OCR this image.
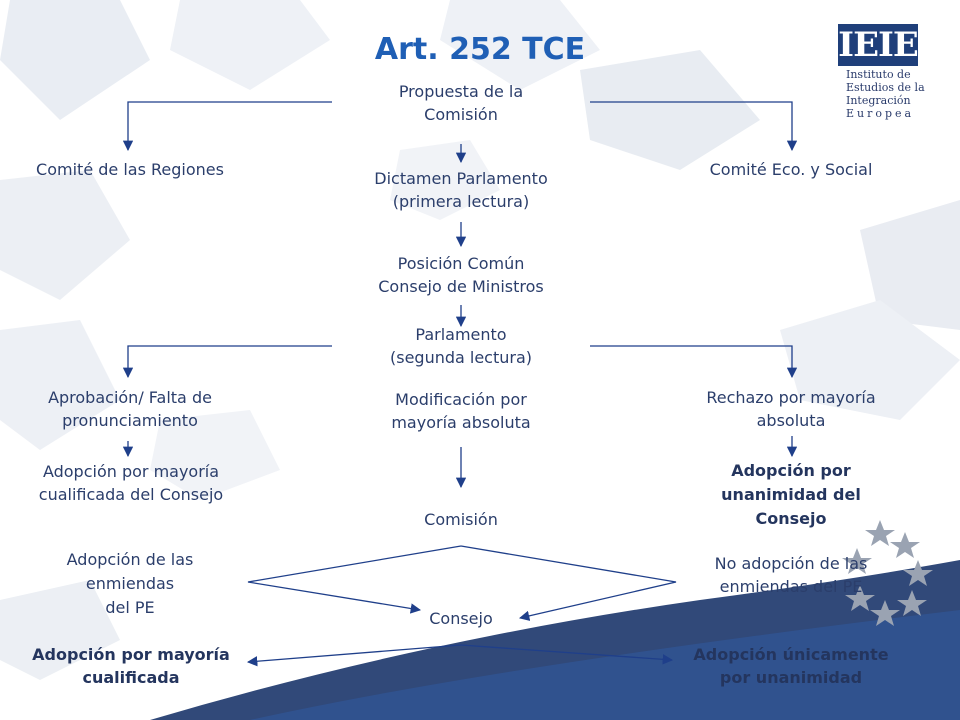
Art. 252 TCE	IEIE
Instituto de
Estudios de la
Integración
Europea
Propuesta de la
Comisión
Comité de las Regiones	Comité Eco. y Social
Dictamen Parlamento
(primera lectura)
Posición Común
Consejo de Ministros
Parlamento
(segunda lectura)
Aprobación/ Falta de
pronunciamiento
Modificación por
mayoría absoluta
Rechazo por mayoría
absoluta
Adopción por mayoría
cualificada del Consejo
Adopción por
unanimidad del
Consejo
Comisión
Adopción de las
enmiendas
del PE
No adopción de las
enmiendas del PE
Consejo
Adopción por mayoría
cualificada
Adopción únicamente
por unanimidad
